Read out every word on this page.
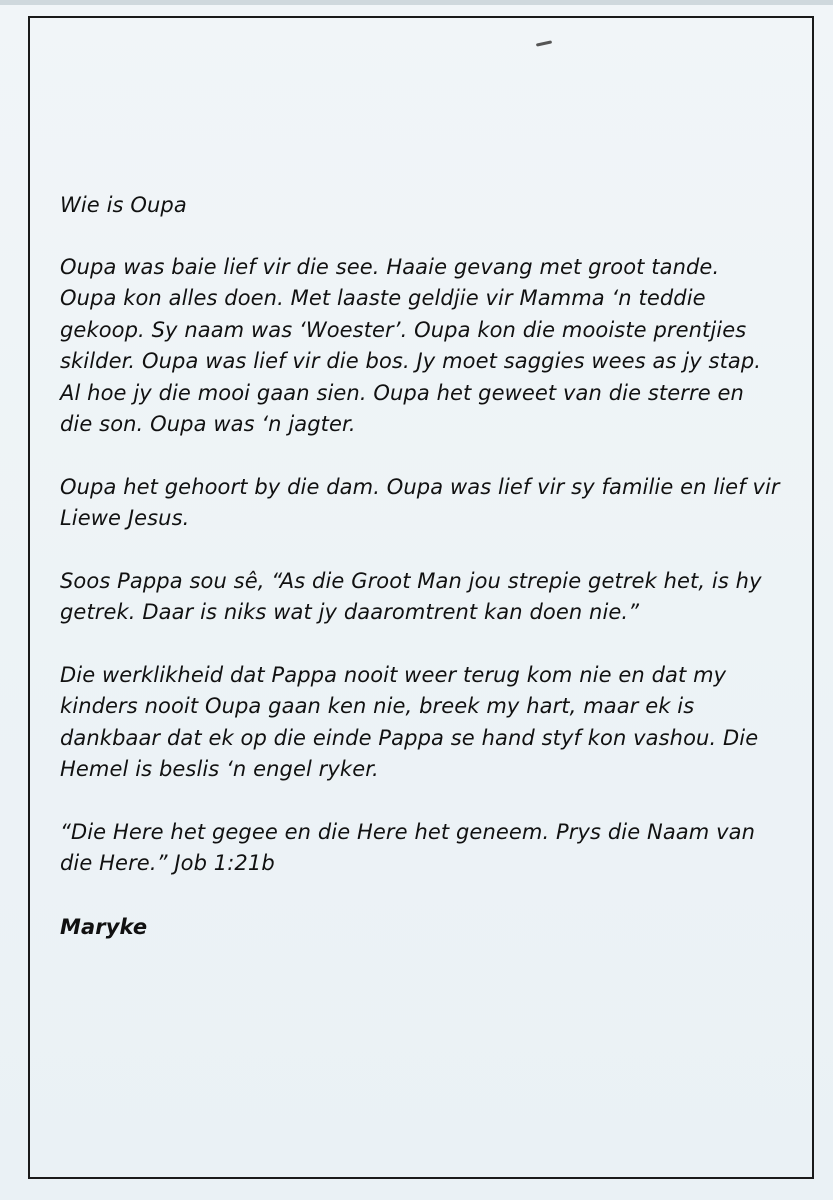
Wie is Oupa

Oupa was baie lief vir die see. Haaie gevang met groot tande. Oupa kon alles doen. Met laaste geldjie vir Mamma ‘n teddie gekoop. Sy naam was ‘Woester’. Oupa kon die mooiste prentjies skilder. Oupa was lief vir die bos. Jy moet saggies wees as jy stap. Al hoe jy die mooi gaan sien. Oupa het geweet van die sterre en die son. Oupa was ‘n jagter.

Oupa het gehoort by die dam. Oupa was lief vir sy familie en lief vir Liewe Jesus.

Soos Pappa sou sê, “As die Groot Man jou strepie getrek het, is hy getrek. Daar is niks wat jy daaromtrent kan doen nie.”

Die werklikheid dat Pappa nooit weer terug kom nie en dat my kinders nooit Oupa gaan ken nie, breek my hart, maar ek is dankbaar dat ek op die einde Pappa se hand styf kon vashou. Die Hemel is beslis ‘n engel ryker.

“Die Here het gegee en die Here het geneem. Prys die Naam van die Here.” Job 1:21b

Maryke
